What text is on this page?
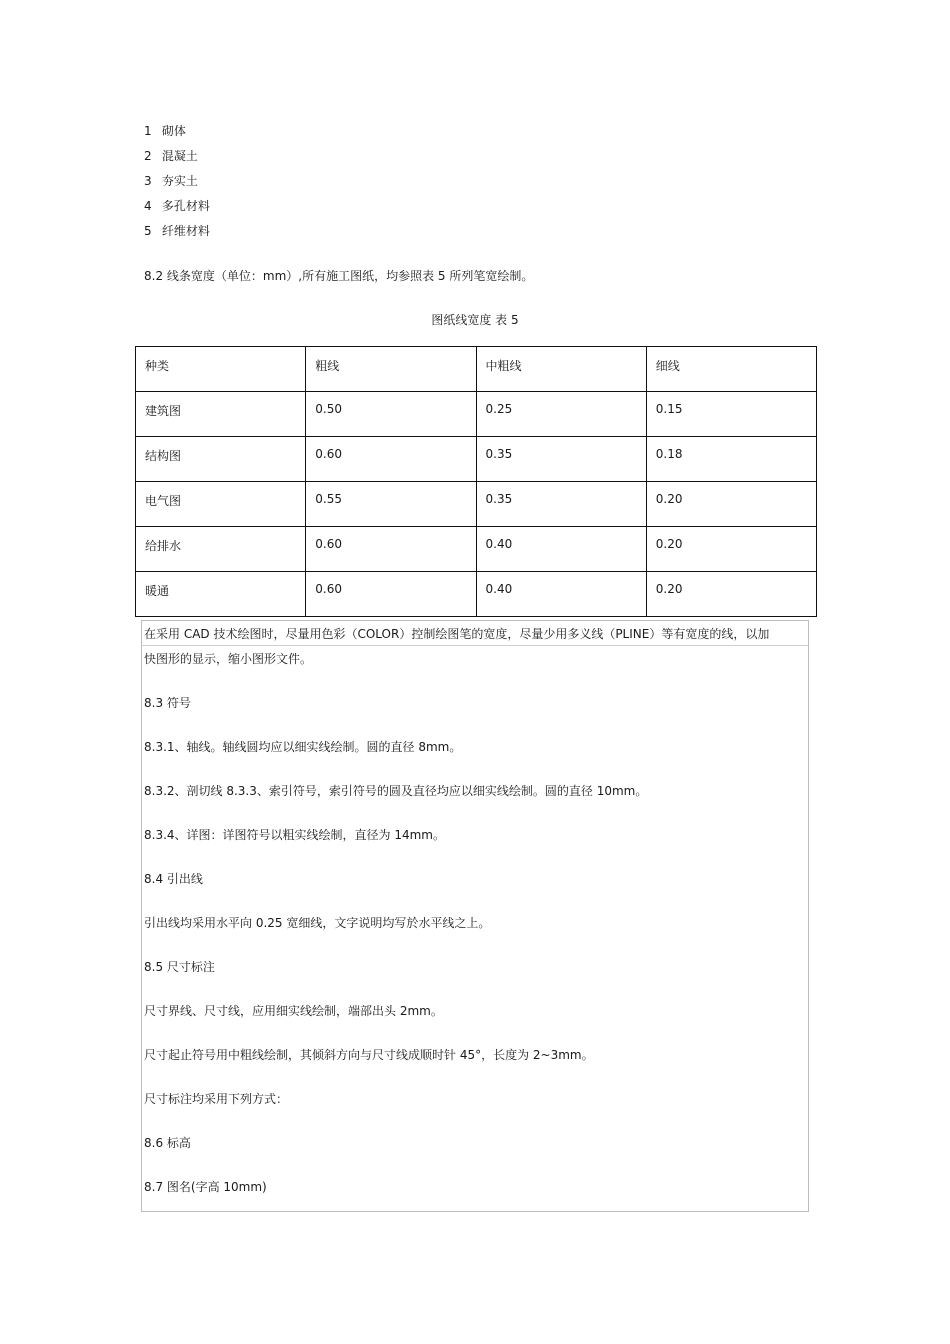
1 砌体
2 混凝土
3 夯实土
4 多孔材料
5 纤维材料
8.2 线条宽度（单位：mm）,所有施工图纸，均参照表 5 所列笔宽绘制。
图纸线宽度 表 5
种类	粗线	中粗线	细线

建筑图	0.50	0.25	0.15

结构图	0.60	0.35	0.18

电气图	0.55	0.35	0.20

给排水	0.60	0.40	0.20

暖通	0.60	0.40	0.20
在采用 CAD 技术绘图时，尽量用色彩（COLOR）控制绘图笔的宽度，尽量少用多义线（PLINE）等有宽度的线，以加
快图形的显示，缩小图形文件。
8.3 符号
8.3.1、轴线。轴线圆均应以细实线绘制。圆的直径 8mm。
8.3.2、剖切线 8.3.3、索引符号，索引符号的圆及直径均应以细实线绘制。圆的直径 10mm。
8.3.4、详图：详图符号以粗实线绘制，直径为 14mm。
8.4 引出线
引出线均采用水平向 0.25 宽细线，文字说明均写於水平线之上。
8.5 尺寸标注
尺寸界线、尺寸线，应用细实线绘制，端部出头 2mm。
尺寸起止符号用中粗线绘制，其倾斜方向与尺寸线成顺时针 45°，长度为 2~3mm。
尺寸标注均采用下列方式：
8.6 标高
8.7 图名(字高 10mm)
